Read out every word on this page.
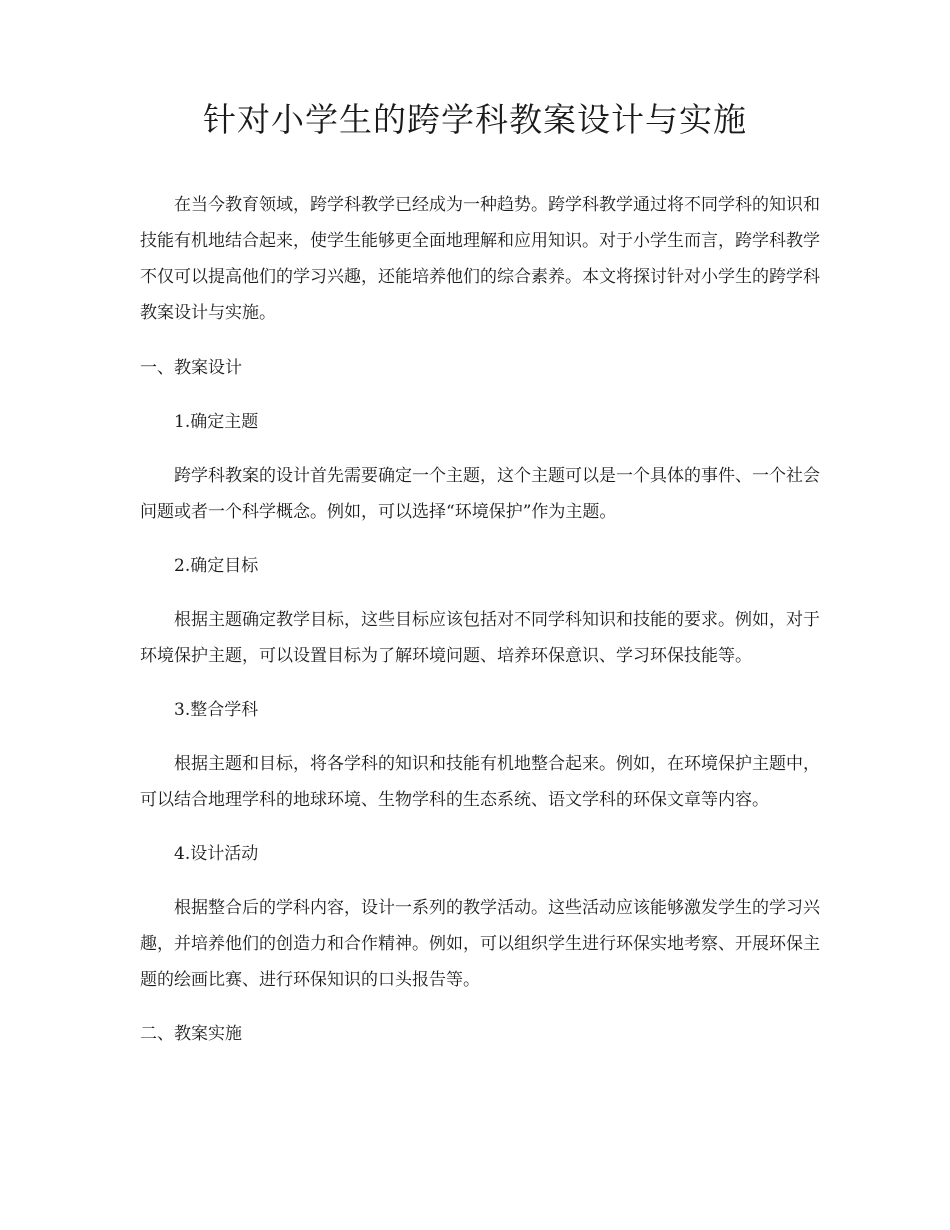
针对小学生的跨学科教案设计与实施

在当今教育领域，跨学科教学已经成为一种趋势。跨学科教学通过将不同学科的知识和技能有机地结合起来，使学生能够更全面地理解和应用知识。对于小学生而言，跨学科教学不仅可以提高他们的学习兴趣，还能培养他们的综合素养。本文将探讨针对小学生的跨学科教案设计与实施。

一、教案设计

1.确定主题

跨学科教案的设计首先需要确定一个主题，这个主题可以是一个具体的事件、一个社会问题或者一个科学概念。例如，可以选择“环境保护”作为主题。

2.确定目标

根据主题确定教学目标，这些目标应该包括对不同学科知识和技能的要求。例如，对于环境保护主题，可以设置目标为了解环境问题、培养环保意识、学习环保技能等。

3.整合学科

根据主题和目标，将各学科的知识和技能有机地整合起来。例如，在环境保护主题中，可以结合地理学科的地球环境、生物学科的生态系统、语文学科的环保文章等内容。

4.设计活动

根据整合后的学科内容，设计一系列的教学活动。这些活动应该能够激发学生的学习兴趣，并培养他们的创造力和合作精神。例如，可以组织学生进行环保实地考察、开展环保主题的绘画比赛、进行环保知识的口头报告等。

二、教案实施
